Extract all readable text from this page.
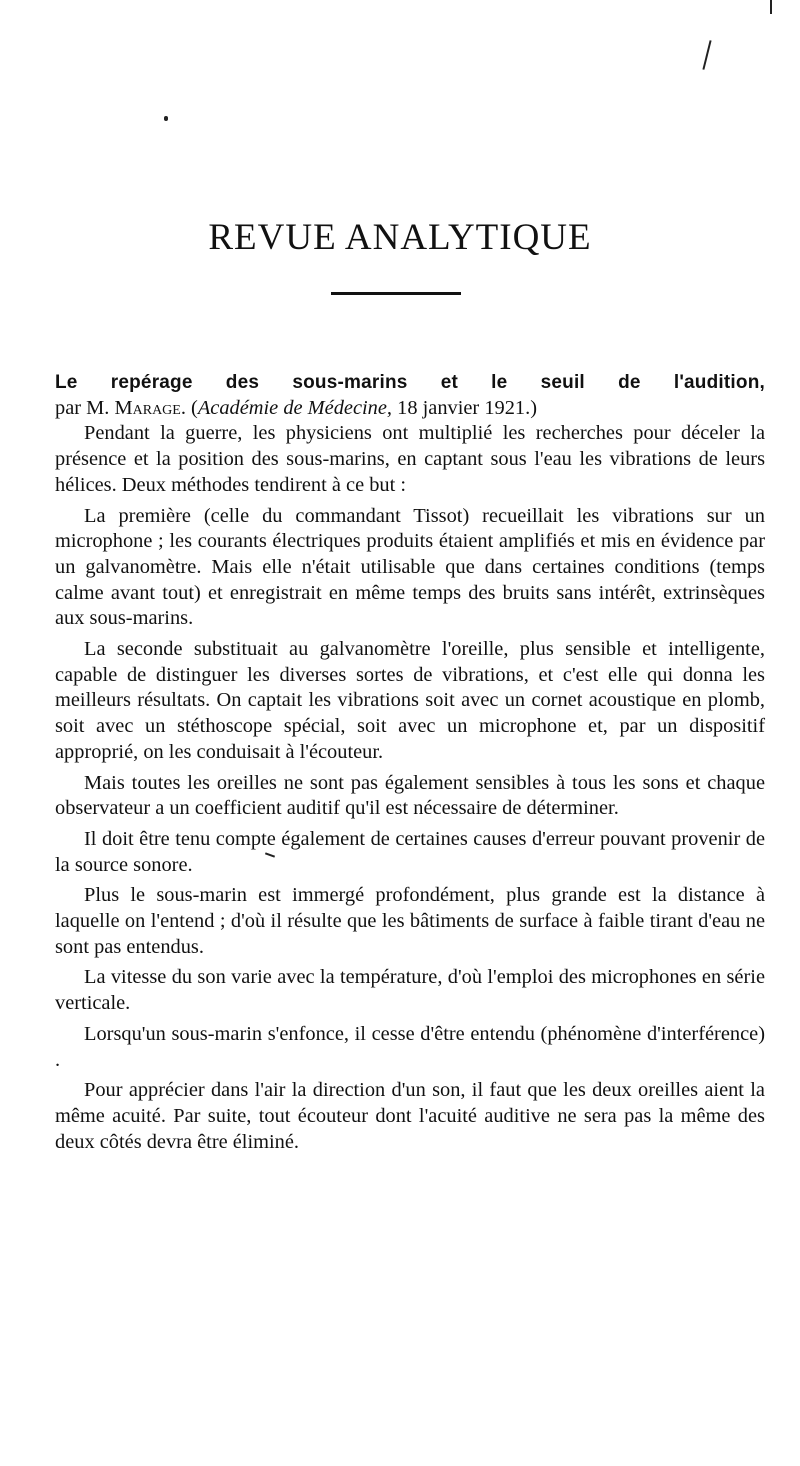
REVUE ANALYTIQUE

Le repérage des sous-marins et le seuil de l'audition,

par M. Marage. (Académie de Médecine, 18 janvier 1921.)

Pendant la guerre, les physiciens ont multiplié les recherches pour déceler la présence et la position des sous-marins, en captant sous l'eau les vibrations de leurs hélices. Deux méthodes tendirent à ce but :

La première (celle du commandant Tissot) recueillait les vibrations sur un microphone ; les courants électriques produits étaient amplifiés et mis en évidence par un galvanomètre. Mais elle n'était utilisable que dans certaines conditions (temps calme avant tout) et enregistrait en même temps des bruits sans intérêt, extrinsèques aux sous-marins.

La seconde substituait au galvanomètre l'oreille, plus sensible et intelligente, capable de distinguer les diverses sortes de vibrations, et c'est elle qui donna les meilleurs résultats. On captait les vibrations soit avec un cornet acoustique en plomb, soit avec un stéthoscope spécial, soit avec un microphone et, par un dispositif approprié, on les conduisait à l'écouteur.

Mais toutes les oreilles ne sont pas également sensibles à tous les sons et chaque observateur a un coefficient auditif qu'il est nécessaire de déterminer.

Il doit être tenu compte également de certaines causes d'erreur pouvant provenir de la source sonore.

Plus le sous-marin est immergé profondément, plus grande est la distance à laquelle on l'entend ; d'où il résulte que les bâtiments de surface à faible tirant d'eau ne sont pas entendus.

La vitesse du son varie avec la température, d'où l'emploi des microphones en série verticale.

Lorsqu'un sous-marin s'enfonce, il cesse d'être entendu (phénomène d'interférence) .

Pour apprécier dans l'air la direction d'un son, il faut que les deux oreilles aient la même acuité. Par suite, tout écouteur dont l'acuité auditive ne sera pas la même des deux côtés devra être éliminé.
